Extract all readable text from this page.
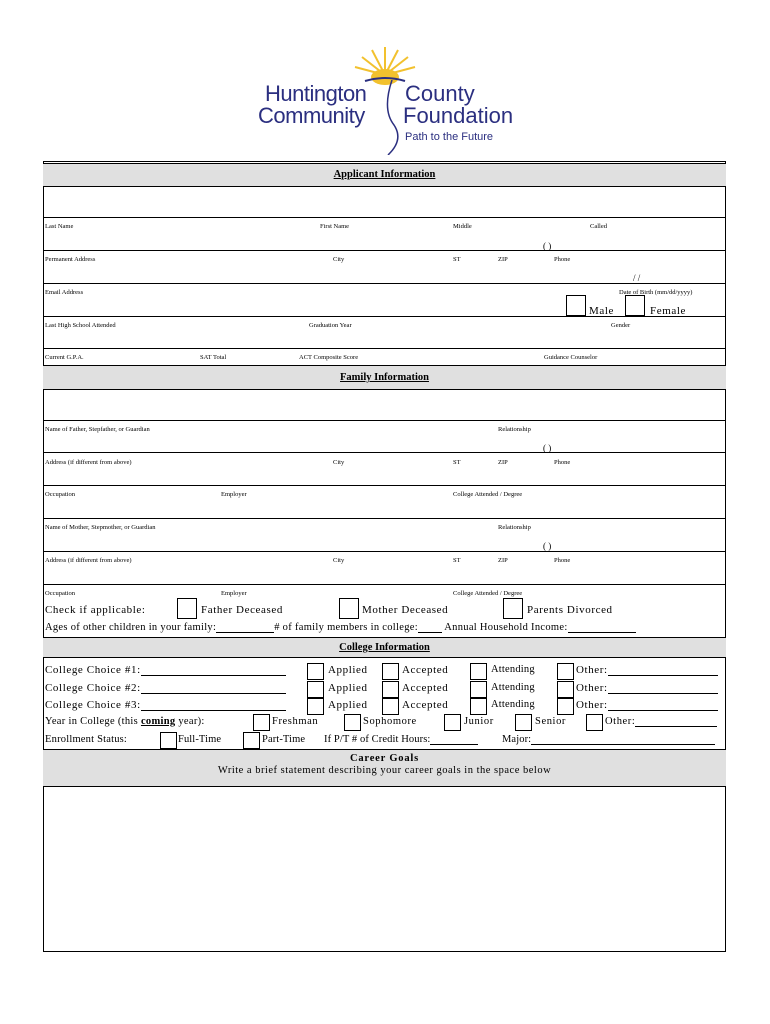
Huntington
Community
County
Foundation
Path to the Future
Applicant Information
Last Name	First Name	Middle	Called
( )
Permanent Address	City	ST	ZIP	Phone
/ /
Email Address	Date of Birth (mm/dd/yyyy)
Male	Female
Last High School Attended	Graduation Year	Gender
Current G.P.A.	SAT Total	ACT Composite Score	Guidance Counselor
Family Information
Name of Father, Stepfather, or Guardian	Relationship
( )
Address (if different from above)	City	ST	ZIP	Phone
Occupation	Employer	College Attended / Degree
Name of Mother, Stepmother, or Guardian	Relationship
( )
Address (if different from above)	City	ST	ZIP	Phone
Occupation	Employer	College Attended / Degree
Check if applicable:	Father Deceased	Mother Deceased	Parents Divorced
Ages of other children in your family:	# of family members in college:	Annual Household Income:
College Information
College Choice #1:	Applied	Accepted	Attending	Other:
College Choice #2:	Applied	Accepted	Attending	Other:
College Choice #3:	Applied	Accepted	Attending	Other:
Year in College (this coming year):	Freshman	Sophomore	Junior	Senior	Other:
Enrollment Status:	Full-Time	Part-Time If P/T # of Credit Hours:	Major:
Career Goals
Write a brief statement describing your career goals in the space below
